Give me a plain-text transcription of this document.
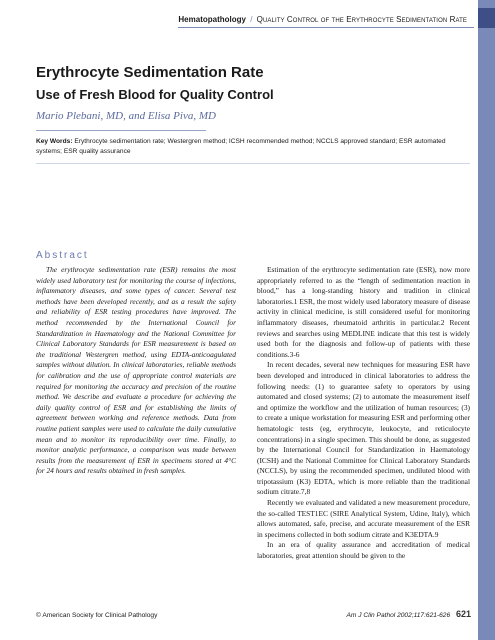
Hematopathology / Quality Control of the Erythrocyte Sedimentation Rate
Erythrocyte Sedimentation Rate
Use of Fresh Blood for Quality Control

Mario Plebani, MD, and Elisa Piva, MD

Key Words: Erythrocyte sedimentation rate; Westergren method; ICSH recommended method; NCCLS approved standard; ESR automated systems; ESR quality assurance
Abstract

The erythrocyte sedimentation rate (ESR) remains the most widely used laboratory test for monitoring the course of infections, inflammatory diseases, and some types of cancer. Several test methods have been developed recently, and as a result the safety and reliability of ESR testing procedures have improved. The method recommended by the International Council for Standardization in Haematology and the National Committee for Clinical Laboratory Standards for ESR measurement is based on the traditional Westergren method, using EDTA-anticoagulated samples without dilution. In clinical laboratories, reliable methods for calibration and the use of appropriate control materials are required for monitoring the accuracy and precision of the routine method. We describe and evaluate a procedure for achieving the daily quality control of ESR and for establishing the limits of agreement between working and reference methods. Data from routine patient samples were used to calculate the daily cumulative mean and to monitor its reproducibility over time. Finally, to monitor analytic performance, a comparison was made between results from the measurement of ESR in specimens stored at 4°C for 24 hours and results obtained in fresh samples.

Estimation of the erythrocyte sedimentation rate (ESR), now more appropriately referred to as the “length of sedimentation reaction in blood,” has a long-standing history and tradition in clinical laboratories.1 ESR, the most widely used laboratory measure of disease activity in clinical medicine, is still considered useful for monitoring inflammatory diseases, rheumatoid arthritis in particular.2 Recent reviews and searches using MEDLINE indicate that this test is widely used both for the diagnosis and follow-up of patients with these conditions.3-6

In recent decades, several new techniques for measuring ESR have been developed and introduced in clinical laboratories to address the following needs: (1) to guarantee safety to operators by using automated and closed systems; (2) to automate the measurement itself and optimize the workflow and the utilization of human resources; (3) to create a unique workstation for measuring ESR and performing other hematologic tests (eg, erythrocyte, leukocyte, and reticulocyte concentrations) in a single specimen. This should be done, as suggested by the International Council for Standardization in Haematology (ICSH) and the National Committee for Clinical Laboratory Standards (NCCLS), by using the recommended specimen, undiluted blood with tripotassium (K3) EDTA, which is more reliable than the traditional sodium citrate.7,8

Recently we evaluated and validated a new measurement procedure, the so-called TEST1EC (SIRE Analytical System, Udine, Italy), which allows automated, safe, precise, and accurate measurement of the ESR in specimens collected in both sodium citrate and K3EDTA.9

In an era of quality assurance and accreditation of medical laboratories, great attention should be given to the

© American Society for Clinical Pathology	Am J Clin Pathol 2002;117:621-626 621
